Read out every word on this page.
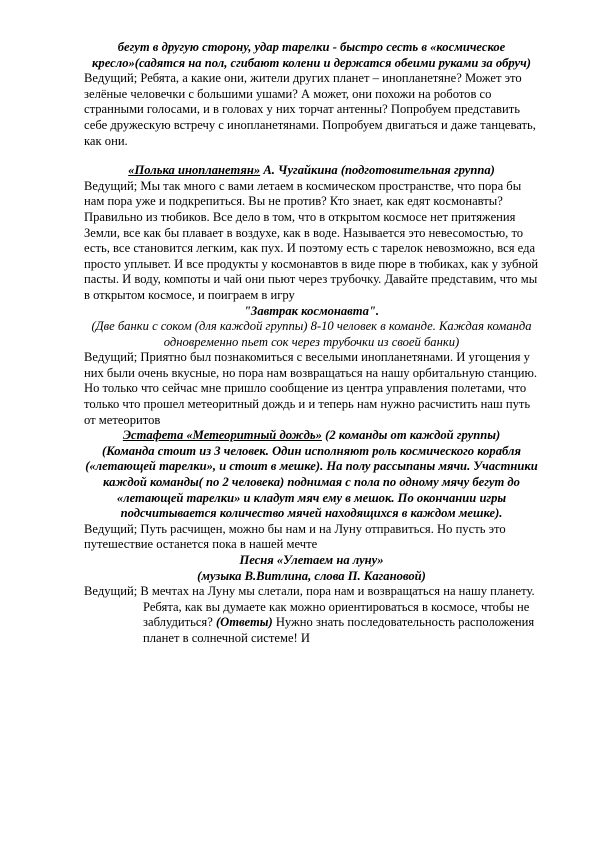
бегут в другую сторону, удар тарелки - быстро сесть в «космическое кресло»(садятся на пол, сгибают колени и держатся обеими руками за обруч)

Ведущий; Ребята, а какие они, жители других планет – инопланетяне? Может это зелёные человечки с большими ушами? А может, они похожи на роботов со странными голосами, и в головах у них торчат антенны? Попробуем представить себе дружескую встречу с инопланетянами. Попробуем двигаться и даже танцевать, как они.

«Полька инопланетян» А. Чугайкина (подготовительная группа)

Ведущий; Мы так много с вами летаем в космическом пространстве, что пора бы нам пора уже и подкрепиться. Вы не против? Кто знает, как едят космонавты? Правильно из тюбиков. Все дело в том, что в открытом космосе нет притяжения Земли, все как бы плавает в воздухе, как в воде. Называется это невесомостью, то есть, все становится легким, как пух. И поэтому есть с тарелок невозможно, вся еда просто уплывет. И все продукты у космонавтов в виде пюре в тюбиках, как у зубной пасты. И воду, компоты и чай они пьют через трубочку. Давайте представим, что мы в открытом космосе, и поиграем в игру

"Завтрак космонавта".

(Две банки с соком (для каждой группы) 8-10 человек в команде. Каждая команда одновременно пьет сок через трубочки из своей банки)

Ведущий; Приятно был познакомиться с веселыми инопланетянами. И угощения у них были очень вкусные, но пора нам возвращаться на нашу орбитальную станцию. Но только что сейчас мне пришло сообщение из центра управления полетами, что только что прошел метеоритный дождь и и теперь нам нужно расчистить наш путь от метеоритов

Эстафета «Метеоритный дождь» (2 команды от каждой группы)

(Команда стоит из 3 человек. Один исполняют роль космического корабля («летающей тарелки», и стоит в мешке). На полу рассыпаны мячи. Участники каждой команды( по 2 человека) поднимая с пола по одному мячу бегут до «летающей тарелки» и кладут мяч ему в мешок. По окончании игры подсчитывается количество мячей находящихся в каждом мешке).

Ведущий; Путь расчищен, можно бы нам и на Луну отправиться. Но пусть это путешествие останется пока в нашей мечте

Песня «Улетаем на луну»

(музыка В.Витлина, слова П. Кагановой)

Ведущий; В мечтах на Луну мы слетали, пора нам и возвращаться на нашу планету. Ребята, как вы думаете как можно ориентироваться в космосе, чтобы не заблудиться? (Ответы) Нужно знать последовательность расположения планет в солнечной системе! И
